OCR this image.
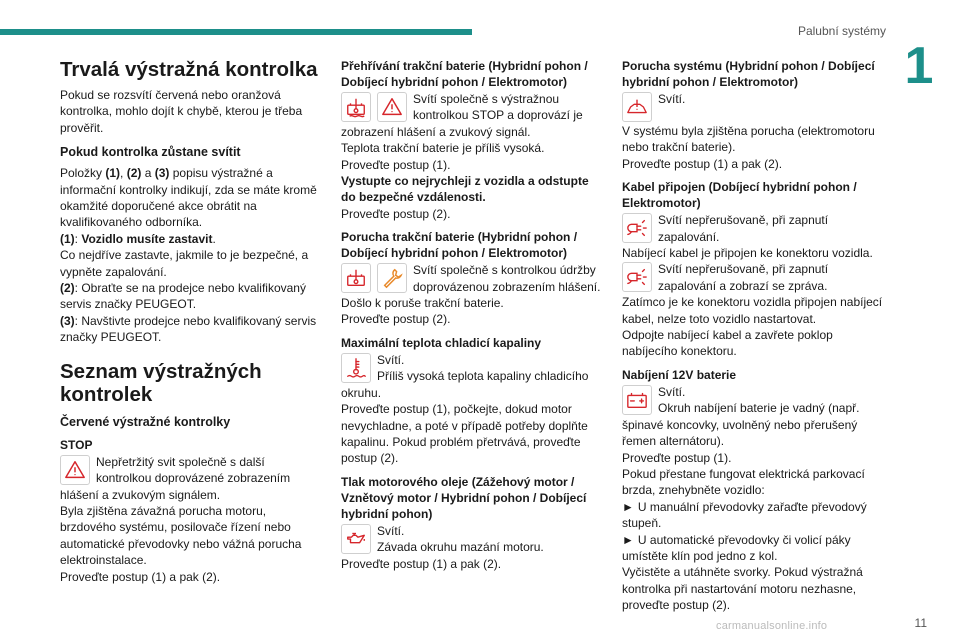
Palubní systémy
1
Trvalá výstražná kontrolka

Pokud se rozsvítí červená nebo oranžová kontrolka, mohlo dojít k chybě, kterou je třeba prověřit.

Pokud kontrolka zůstane svítit

Položky (1), (2) a (3) popisu výstražné a informační kontrolky indikují, zda se máte kromě okamžité doporučené akce obrátit na kvalifikovaného odborníka.

(1): Vozidlo musíte zastavit.

Co nejdříve zastavte, jakmile to je bezpečné, a vypněte zapalování.

(2): Obraťte se na prodejce nebo kvalifikovaný servis značky PEUGEOT.

(3): Navštivte prodejce nebo kvalifikovaný servis značky PEUGEOT.

Seznam výstražných kontrolek
Červené výstražné kontrolky
STOP
Nepřetržitý svit společně s další kontrolkou doprovázené zobrazením hlášení a zvukovým signálem.

Byla zjištěna závažná porucha motoru, brzdového systému, posilovače řízení nebo automatické převodovky nebo vážná porucha elektroinstalace.

Proveďte postup (1) a pak (2).

Přehřívání trakční baterie (Hybridní pohon / Dobíjecí hybridní pohon / Elektromotor)
Svítí společně s výstražnou kontrolkou STOP a doprovází je zobrazení hlášení a zvukový signál.

Teplota trakční baterie je příliš vysoká.

Proveďte postup (1).

Vystupte co nejrychleji z vozidla a odstupte do bezpečné vzdálenosti.

Proveďte postup (2).

Porucha trakční baterie (Hybridní pohon / Dobíjecí hybridní pohon / Elektromotor)
Svítí společně s kontrolkou údržby doprovázenou zobrazením hlášení.

Došlo k poruše trakční baterie.

Proveďte postup (2).

Maximální teplota chladicí kapaliny
Svítí.
Příliš vysoká teplota kapaliny chladicího okruhu.

Proveďte postup (1), počkejte, dokud motor nevychladne, a poté v případě potřeby doplňte kapalinu. Pokud problém přetrvává, proveďte postup (2).

Tlak motorového oleje (Zážehový motor / Vznětový motor / Hybridní pohon / Dobíjecí hybridní pohon)
Svítí.
Závada okruhu mazání motoru.

Proveďte postup (1) a pak (2).

Porucha systému (Hybridní pohon / Dobíjecí hybridní pohon / Elektromotor)
Svítí.

V systému byla zjištěna porucha (elektromotoru nebo trakční baterie).

Proveďte postup (1) a pak (2).

Kabel připojen (Dobíjecí hybridní pohon / Elektromotor)
Svítí nepřerušovaně, při zapnutí zapalování.

Nabíjecí kabel je připojen ke konektoru vozidla.

Svítí nepřerušovaně, při zapnutí zapalování a zobrazí se zpráva.

Zatímco je ke konektoru vozidla připojen nabíjecí kabel, nelze toto vozidlo nastartovat.

Odpojte nabíjecí kabel a zavřete poklop nabíjecího konektoru.

Nabíjení 12V baterie
Svítí.
Okruh nabíjení baterie je vadný (např. špinavé koncovky, uvolněný nebo přerušený řemen alternátoru).

Proveďte postup (1).

Pokud přestane fungovat elektrická parkovací brzda, znehybněte vozidlo:

► U manuální převodovky zařaďte převodový stupeň.

► U automatické převodovky či volicí páky umístěte klín pod jedno z kol.

Vyčistěte a utáhněte svorky. Pokud výstražná kontrolka při nastartování motoru nezhasne, proveďte postup (2).

carmanualsonline.info	11
